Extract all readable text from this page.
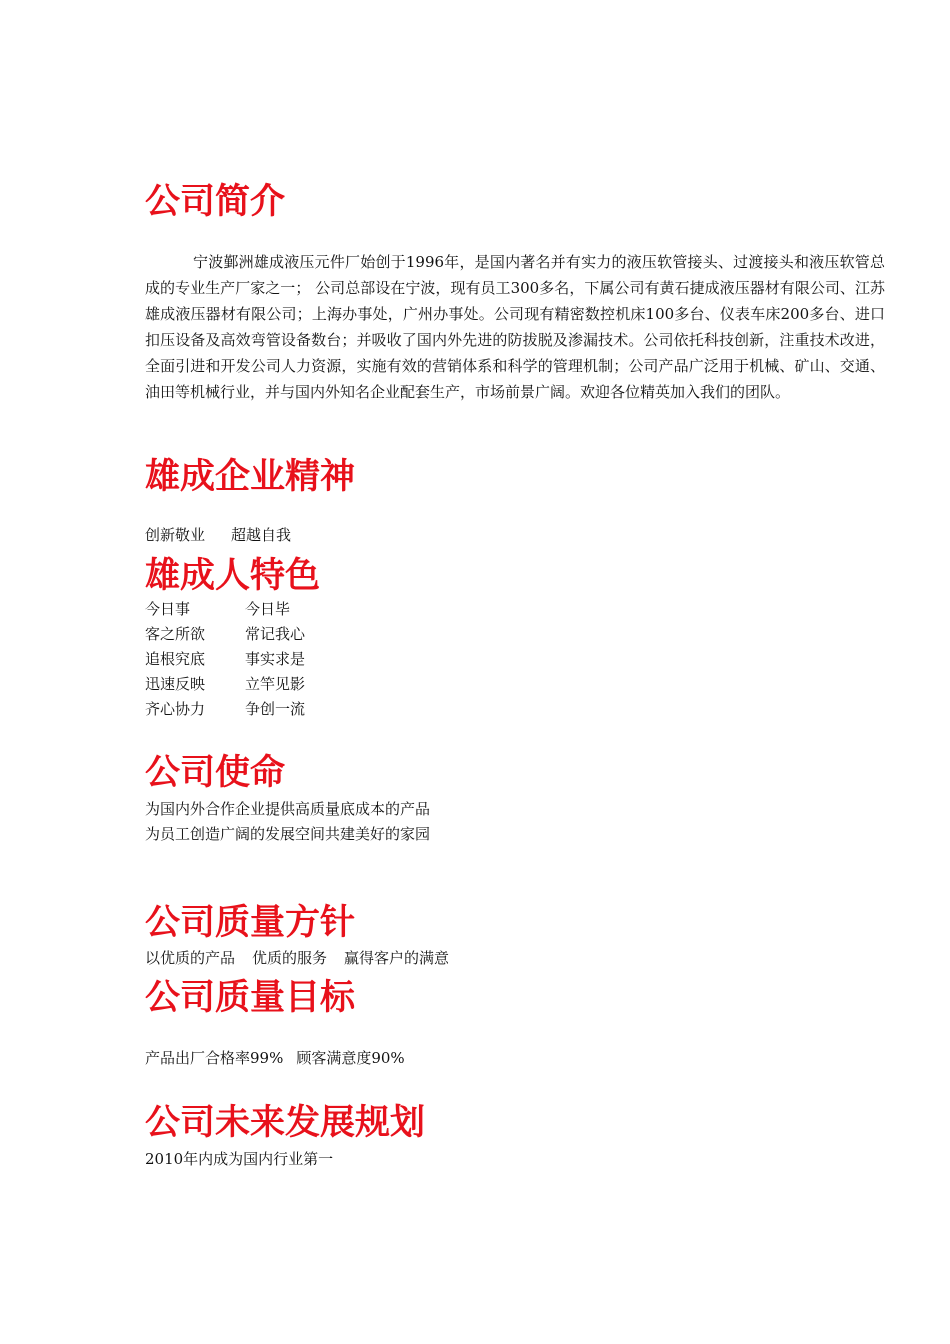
公司简介
宁波鄞洲雄成液压元件厂始创于1996年，是国内著名并有实力的液压软管接头、过渡接头和液压软管总成的专业生产厂家之一； 公司总部设在宁波，现有员工300多名，下属公司有黄石捷成液压器材有限公司、江苏雄成液压器材有限公司；上海办事处，广州办事处。公司现有精密数控机床100多台、仪表车床200多台、进口扣压设备及高效弯管设备数台；并吸收了国内外先进的防拔脱及渗漏技术。公司依托科技创新，注重技术改进，全面引进和开发公司人力资源，实施有效的营销体系和科学的管理机制；公司产品广泛用于机械、矿山、交通、油田等机械行业，并与国内外知名企业配套生产，市场前景广阔。欢迎各位精英加入我们的团队。
雄成企业精神
创新敬业 超越自我
雄成人特色
今日事	今日毕
客之所欲	常记我心
追根究底	事实求是
迅速反映	立竿见影
齐心协力	争创一流
公司使命
为国内外合作企业提供高质量底成本的产品
为员工创造广阔的发展空间共建美好的家园
公司质量方针
以优质的产品 优质的服务 赢得客户的满意
公司质量目标
产品出厂合格率99% 顾客满意度90%
公司未来发展规划
2010年内成为国内行业第一
